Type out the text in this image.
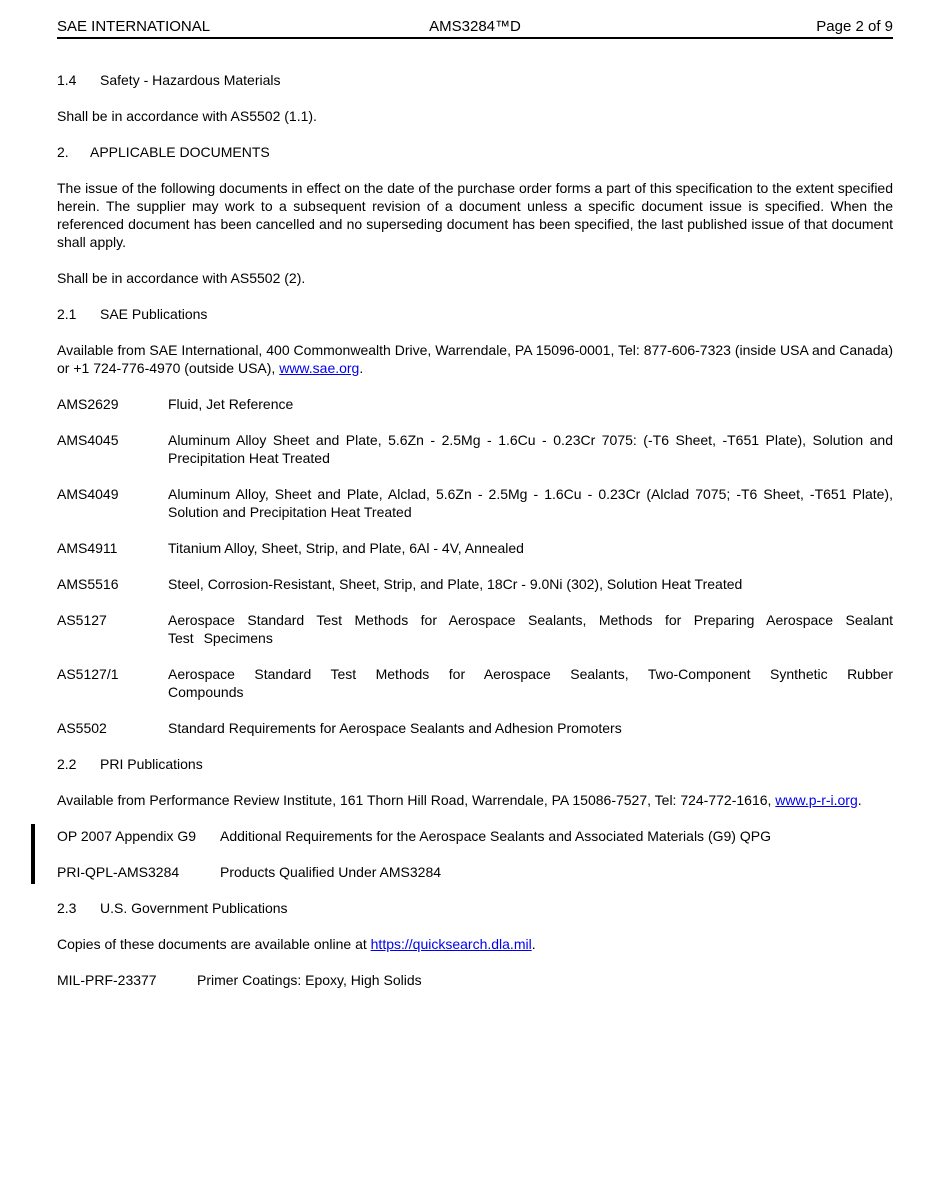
SAE INTERNATIONAL	AMS3284™D	Page 2 of 9
1.4	Safety - Hazardous Materials
Shall be in accordance with AS5502 (1.1).
2.	APPLICABLE DOCUMENTS
The issue of the following documents in effect on the date of the purchase order forms a part of this specification to the extent specified herein. The supplier may work to a subsequent revision of a document unless a specific document issue is specified. When the referenced document has been cancelled and no superseding document has been specified, the last published issue of that document shall apply.
Shall be in accordance with AS5502 (2).
2.1	SAE Publications
Available from SAE International, 400 Commonwealth Drive, Warrendale, PA 15096-0001, Tel: 877-606-7323 (inside USA and Canada) or +1 724-776-4970 (outside USA), www.sae.org.
AMS2629	Fluid, Jet Reference
AMS4045	Aluminum Alloy Sheet and Plate, 5.6Zn - 2.5Mg - 1.6Cu - 0.23Cr 7075: (-T6 Sheet, -T651 Plate), Solution and Precipitation Heat Treated
AMS4049	Aluminum Alloy, Sheet and Plate, Alclad, 5.6Zn - 2.5Mg - 1.6Cu - 0.23Cr (Alclad 7075; -T6 Sheet, -T651 Plate), Solution and Precipitation Heat Treated
AMS4911	Titanium Alloy, Sheet, Strip, and Plate, 6Al - 4V, Annealed
AMS5516	Steel, Corrosion-Resistant, Sheet, Strip, and Plate, 18Cr - 9.0Ni (302), Solution Heat Treated
AS5127	Aerospace Standard Test Methods for Aerospace Sealants, Methods for Preparing Aerospace Sealant Test Specimens
AS5127/1	Aerospace Standard Test Methods for Aerospace Sealants, Two-Component Synthetic Rubber Compounds
AS5502	Standard Requirements for Aerospace Sealants and Adhesion Promoters
2.2	PRI Publications
Available from Performance Review Institute, 161 Thorn Hill Road, Warrendale, PA 15086-7527, Tel: 724-772-1616, www.p-r-i.org.
OP 2007 Appendix G9	Additional Requirements for the Aerospace Sealants and Associated Materials (G9) QPG
PRI-QPL-AMS3284	Products Qualified Under AMS3284
2.3	U.S. Government Publications
Copies of these documents are available online at https://quicksearch.dla.mil.
MIL-PRF-23377	Primer Coatings: Epoxy, High Solids
